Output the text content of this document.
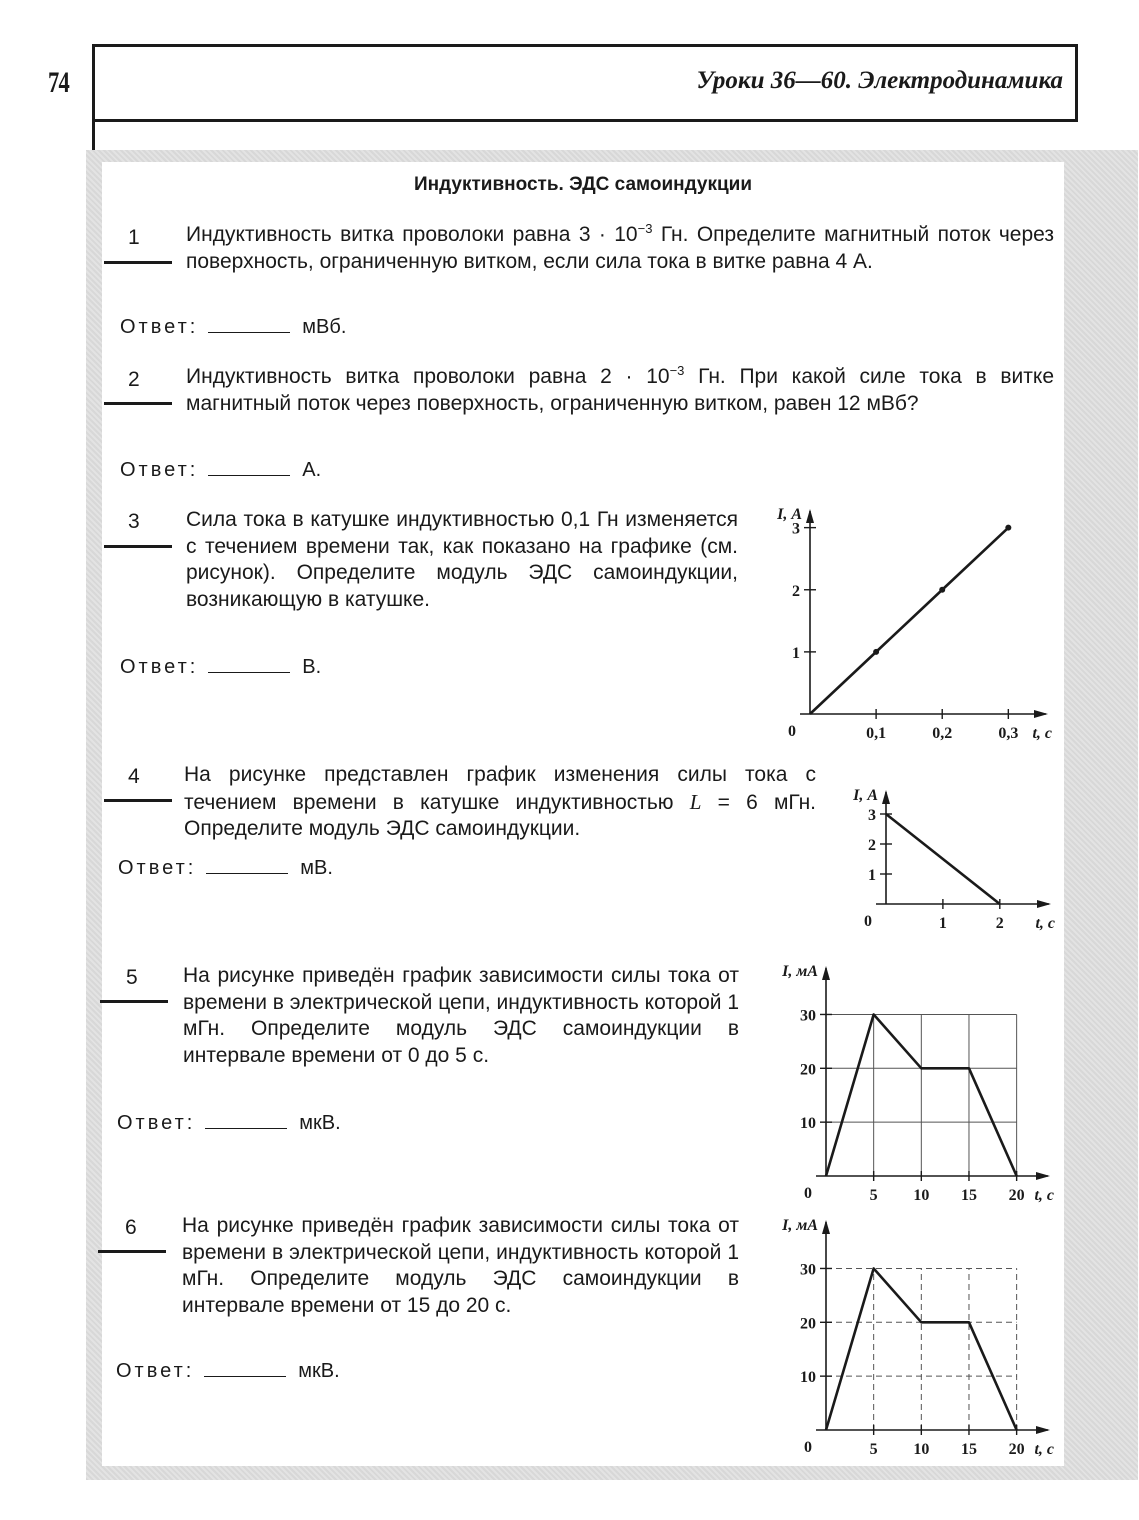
74	Уроки 36—60. Электродинамика
Индуктивность. ЭДС самоиндукции
1 Индуктивность витка проволоки равна $3 \cdot 10^{-3}$ Гн. Определите магнитный поток через поверхность, ограниченную витком, если сила тока в витке равна 4 А.
Ответ:	мВб.
2 Индуктивность витка проволоки равна $2 \cdot 10^{-3}$ Гн. При какой силе тока в витке магнитный поток через поверхность, ограниченную витком, равен 12 мВб?
Ответ:	А.
3 Сила тока в катушке индуктивностью 0,1 Гн изменяется с течением времени так, как показано на графике (см. рисунок). Определите модуль ЭДС самоиндукции, возникающую в катушке.
Ответ:	В.
0,1	0,2	0,3
1
2
3
0	t, с
I, А
4 На рисунке представлен график изменения силы тока с течением времени в катушке индуктивностью L = 6 мГн. Определите модуль ЭДС самоиндукции.
Ответ:	мВ.
1	2
1
2
3
0	t, с
I, А
5 На рисунке приведён график зависимости силы тока от времени в электрической цепи, индуктивность которой 1 мГн. Определите модуль ЭДС самоиндукции в интервале времени от 0 до 5 с.
Ответ:	мкВ.
5 10 15 20
10
20
30
0	t, с
I, мА
6 На рисунке приведён график зависимости силы тока от времени в электрической цепи, индуктивность которой 1 мГн. Определите модуль ЭДС самоиндукции в интервале времени от 15 до 20 с.
Ответ:	мкВ.
5 10 15 20
10
20
30
0	t, с
I, мА
